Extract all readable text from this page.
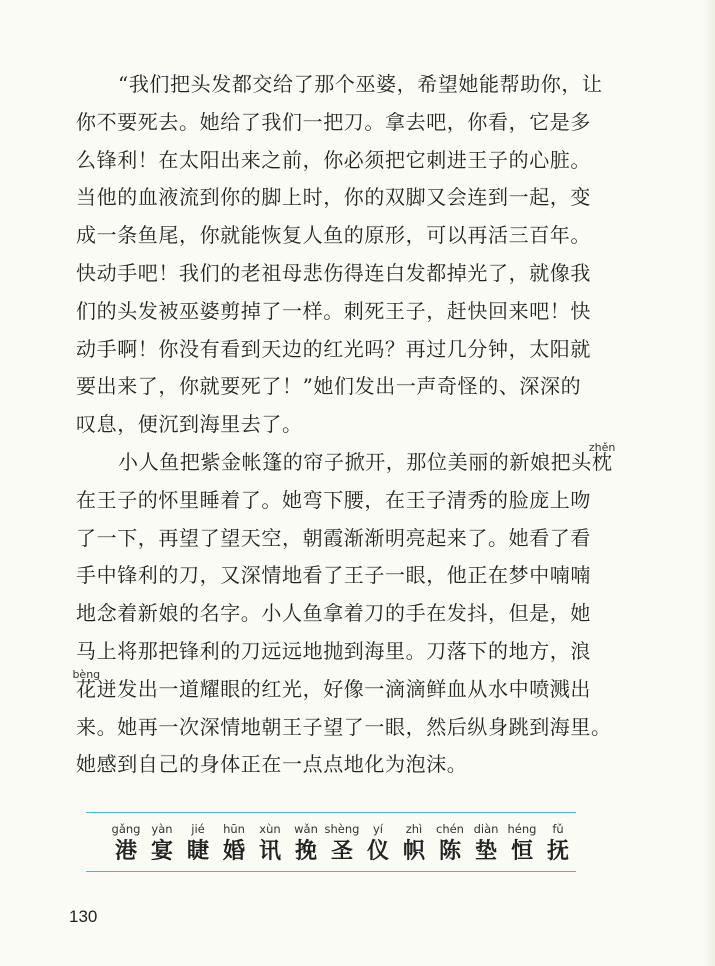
“我们把头发都交给了那个巫婆，希望她能帮助你，让
你不要死去。她给了我们一把刀。拿去吧，你看，它是多
么锋利！在太阳出来之前，你必须把它刺进王子的心脏。
当他的血液流到你的脚上时，你的双脚又会连到一起，变
成一条鱼尾，你就能恢复人鱼的原形，可以再活三百年。
快动手吧！我们的老祖母悲伤得连白发都掉光了，就像我
们的头发被巫婆剪掉了一样。刺死王子，赶快回来吧！快
动手啊！你没有看到天边的红光吗？再过几分钟，太阳就
要出来了，你就要死了！”她们发出一声奇怪的、深深的
叹息，便沉到海里去了。
小人鱼把紫金帐篷的帘子掀开，那位美丽的新娘把头
zhěn
枕
在王子的怀里睡着了。她弯下腰，在王子清秀的脸庞上吻
了一下，再望了望天空，朝霞渐渐明亮起来了。她看了看
手中锋利的刀，又深情地看了王子一眼，他正在梦中喃喃
地念着新娘的名字。小人鱼拿着刀的手在发抖，但是，她
马上将那把锋利的刀远远地抛到海里。刀落下的地方，浪
bèng
花迸发出一道耀眼的红光，好像一滴滴鲜血从水中喷溅出
来。她再一次深情地朝王子望了一眼，然后纵身跳到海里。
她感到自己的身体正在一点点地化为泡沫。
gǎng
港
yàn
宴
jié
睫
hūn
婚
xùn
讯
wǎn
挽
shèng
圣
yí
仪
zhì
帜
chén
陈
diàn
垫
héng
恒
fǔ
抚
130
